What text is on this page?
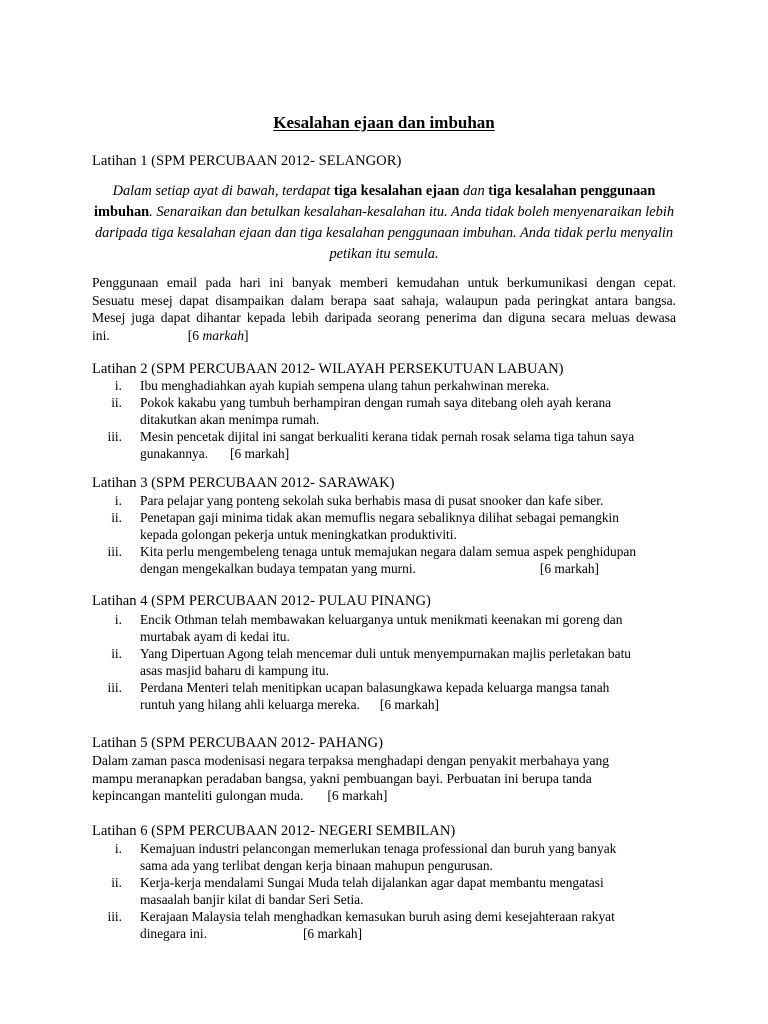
Kesalahan ejaan dan imbuhan
Latihan 1 (SPM PERCUBAAN 2012- SELANGOR)
Dalam setiap ayat di bawah, terdapat tiga kesalahan ejaan dan tiga kesalahan penggunaan imbuhan. Senaraikan dan betulkan kesalahan-kesalahan itu. Anda tidak boleh menyenaraikan lebih daripada tiga kesalahan ejaan dan tiga kesalahan penggunaan imbuhan. Anda tidak perlu menyalin petikan itu semula.
Penggunaan email pada hari ini banyak memberi kemudahan untuk berkumunikasi dengan cepat.
Sesuatu mesej dapat disampaikan dalam berapa saat sahaja, walaupun pada peringkat antara bangsa.
Mesej juga dapat dihantar kepada lebih daripada seorang penerima dan diguna secara meluas dewasa
ini.	[6 markah]
Latihan 2 (SPM PERCUBAAN 2012- WILAYAH PERSEKUTUAN LABUAN)
i. Ibu menghadiahkan ayah kupiah sempena ulang tahun perkahwinan mereka.
ii. Pokok kakabu yang tumbuh berhampiran dengan rumah saya ditebang oleh ayah kerana
ditakutkan akan menimpa rumah.
iii. Mesin pencetak dijital ini sangat berkualiti kerana tidak pernah rosak selama tiga tahun saya
gunakannya. [6 markah]
Latihan 3 (SPM PERCUBAAN 2012- SARAWAK)
i. Para pelajar yang ponteng sekolah suka berhabis masa di pusat snooker dan kafe siber.
ii. Penetapan gaji minima tidak akan memuflis negara sebaliknya dilihat sebagai pemangkin
kepada golongan pekerja untuk meningkatkan produktiviti.
iii. Kita perlu mengembeleng tenaga untuk memajukan negara dalam semua aspek penghidupan
dengan mengekalkan budaya tempatan yang murni.	[6 markah]
Latihan 4 (SPM PERCUBAAN 2012- PULAU PINANG)
i. Encik Othman telah membawakan keluarganya untuk menikmati keenakan mi goreng dan
murtabak ayam di kedai itu.
ii. Yang Dipertuan Agong telah mencemar duli untuk menyempurnakan majlis perletakan batu
asas masjid baharu di kampung itu.
iii. Perdana Menteri telah menitipkan ucapan balasungkawa kepada keluarga mangsa tanah
runtuh yang hilang ahli keluarga mereka. [6 markah]
Latihan 5 (SPM PERCUBAAN 2012- PAHANG)
Dalam zaman pasca modenisasi negara terpaksa menghadapi dengan penyakit merbahaya yang
mampu meranapkan peradaban bangsa, yakni pembuangan bayi. Perbuatan ini berupa tanda
kepincangan manteliti gulongan muda. [6 markah]
Latihan 6 (SPM PERCUBAAN 2012- NEGERI SEMBILAN)
i. Kemajuan industri pelancongan memerlukan tenaga professional dan buruh yang banyak
sama ada yang terlibat dengan kerja binaan mahupun pengurusan.
ii. Kerja-kerja mendalami Sungai Muda telah dijalankan agar dapat membantu mengatasi
masaalah banjir kilat di bandar Seri Setia.
iii. Kerajaan Malaysia telah menghadkan kemasukan buruh asing demi kesejahteraan rakyat
dinegara ini.	[6 markah]
